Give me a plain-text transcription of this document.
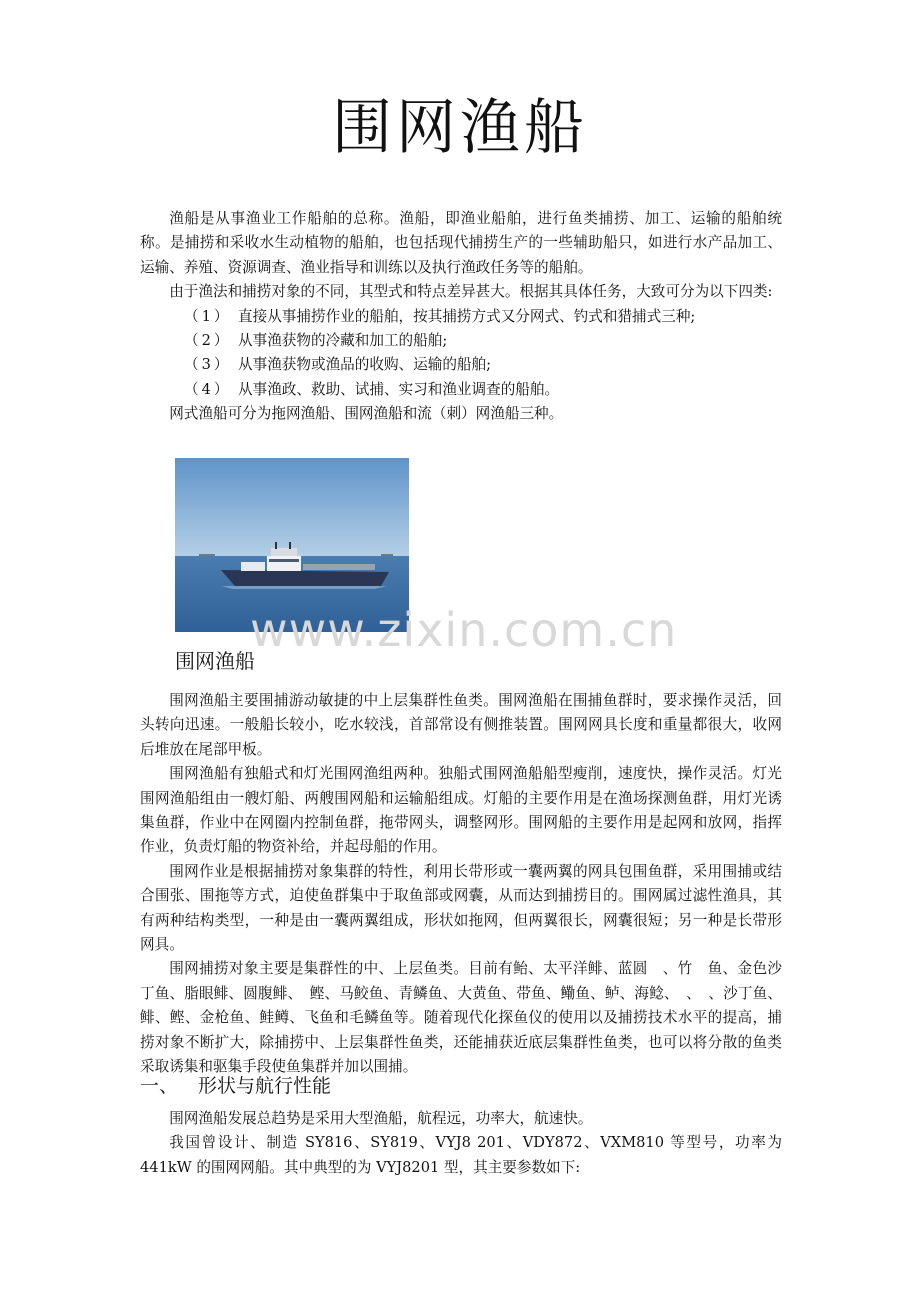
围网渔船

渔船是从事渔业工作船舶的总称。渔船，即渔业船舶，进行鱼类捕捞、加工、运输的船舶统称。是捕捞和采收水生动植物的船舶，也包括现代捕捞生产的一些辅助船只，如进行水产品加工、运输、养殖、资源调查、渔业指导和训练以及执行渔政任务等的船舶。

由于渔法和捕捞对象的不同，其型式和特点差异甚大。根据其具体任务，大致可分为以下四类:

（1） 直接从事捕捞作业的船舶，按其捕捞方式又分网式、钓式和猎捕式三种;
（2） 从事渔获物的冷藏和加工的船舶;
（3） 从事渔获物或渔品的收购、运输的船舶;
（4） 从事渔政、救助、试捕、实习和渔业调查的船舶。

网式渔船可分为拖网渔船、围网渔船和流（刺）网渔船三种。

www.zixin.com.cn
围网渔船

围网渔船主要围捕游动敏捷的中上层集群性鱼类。围网渔船在围捕鱼群时，要求操作灵活，回头转向迅速。一般船长较小，吃水较浅，首部常设有侧推装置。围网网具长度和重量都很大，收网后堆放在尾部甲板。

围网渔船有独船式和灯光围网渔组两种。独船式围网渔船船型瘦削，速度快，操作灵活。灯光围网渔船组由一艘灯船、两艘围网船和运输船组成。灯船的主要作用是在渔场探测鱼群，用灯光诱集鱼群，作业中在网圈内控制鱼群，拖带网头，调整网形。围网船的主要作用是起网和放网，指挥作业，负责灯船的物资补给，并起母船的作用。

围网作业是根据捕捞对象集群的特性，利用长带形或一囊两翼的网具包围鱼群，采用围捕或结合围张、围拖等方式，迫使鱼群集中于取鱼部或网囊，从而达到捕捞目的。围网属过滤性渔具，其有两种结构类型，一种是由一囊两翼组成，形状如拖网，但两翼很长，网囊很短；另一种是长带形网具。

围网捕捞对象主要是集群性的中、上层鱼类。目前有鲐、太平洋鲱、蓝圆　、竹　鱼、金色沙丁鱼、脂眼鲱、圆腹鲱、　鲣、马鲛鱼、青鳞鱼、大黄鱼、带鱼、鳓鱼、鲈、海鲶、　、　、沙丁鱼、鲱、鲣、金枪鱼、鲑鳟、飞鱼和毛鳞鱼等。随着现代化探鱼仪的使用以及捕捞技术水平的提高，捕捞对象不断扩大，除捕捞中、上层集群性鱼类，还能捕获近底层集群性鱼类，也可以将分散的鱼类采取诱集和驱集手段使鱼集群并加以围捕。

一、	形状与航行性能

围网渔船发展总趋势是采用大型渔船，航程远，功率大，航速快。

我国曾设计、制造 SY816、SY819、VYJ8 201、VDY872、VXM810 等型号，功率为 441kW 的围网网船。其中典型的为 VYJ8201 型，其主要参数如下:
